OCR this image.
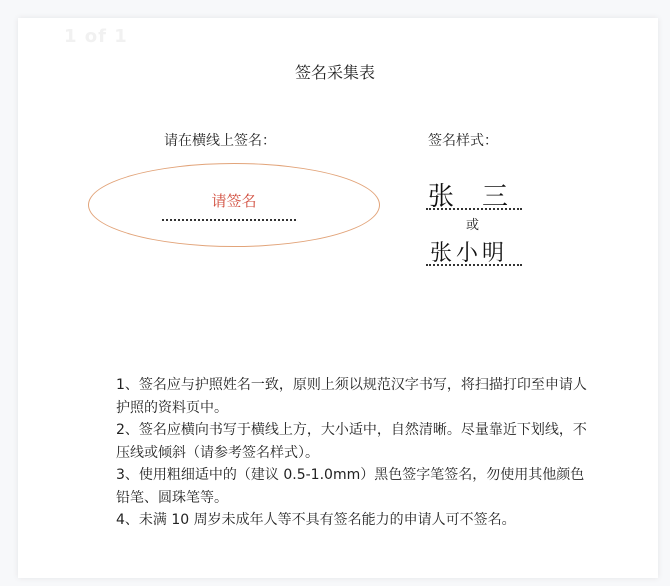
1 of 1
签名采集表
请在横线上签名：	签名样式：
请签名	张 三
或
张小明

1、签名应与护照姓名一致，原则上须以规范汉字书写，将扫描打印至申请人护照的资料页中。

2、签名应横向书写于横线上方，大小适中，自然清晰。尽量靠近下划线，不压线或倾斜（请参考签名样式）。

3、使用粗细适中的（建议 0.5-1.0mm）黑色签字笔签名，勿使用其他颜色铅笔、圆珠笔等。

4、未满 10 周岁未成年人等不具有签名能力的申请人可不签名。
